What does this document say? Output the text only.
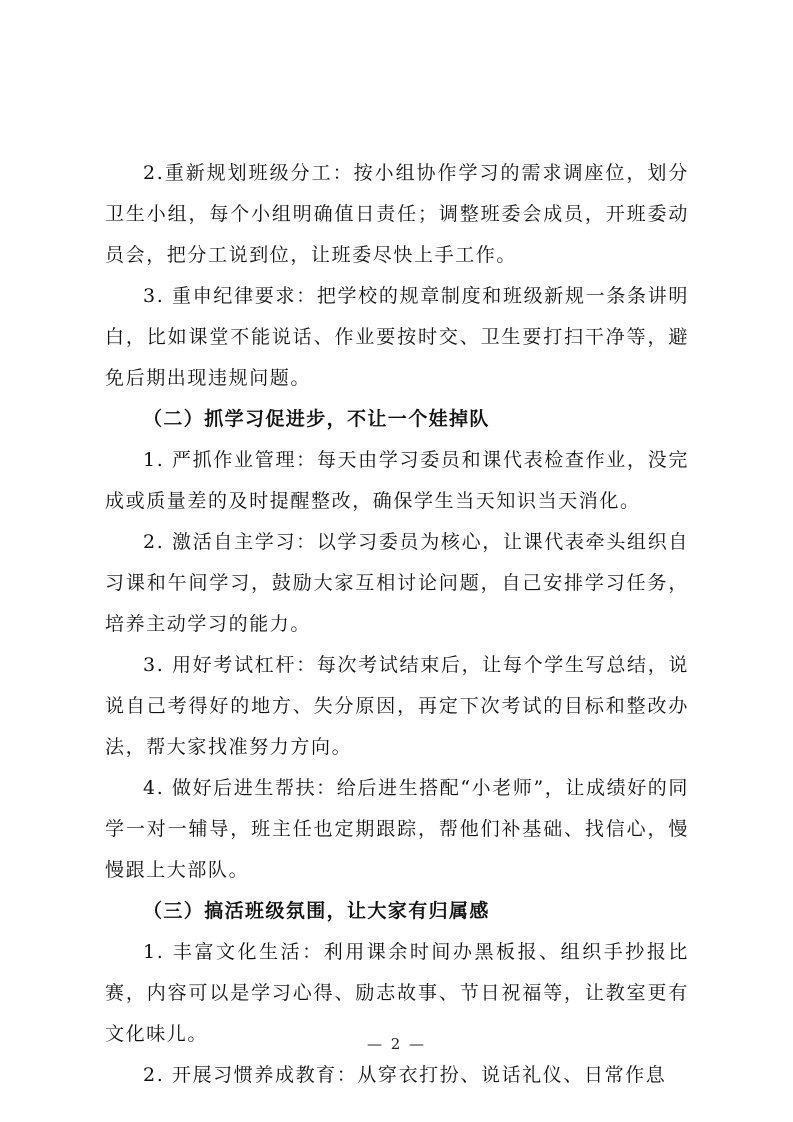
2.重新规划班级分工：按小组协作学习的需求调座位，划分卫生小组，每个小组明确值日责任；调整班委会成员，开班委动员会，把分工说到位，让班委尽快上手工作。

3. 重申纪律要求：把学校的规章制度和班级新规一条条讲明白，比如课堂不能说话、作业要按时交、卫生要打扫干净等，避免后期出现违规问题。

（二）抓学习促进步，不让一个娃掉队

1. 严抓作业管理：每天由学习委员和课代表检查作业，没完成或质量差的及时提醒整改，确保学生当天知识当天消化。

2. 激活自主学习：以学习委员为核心，让课代表牵头组织自习课和午间学习，鼓励大家互相讨论问题，自己安排学习任务，培养主动学习的能力。

3. 用好考试杠杆：每次考试结束后，让每个学生写总结，说说自己考得好的地方、失分原因，再定下次考试的目标和整改办法，帮大家找准努力方向。

4. 做好后进生帮扶：给后进生搭配“小老师”，让成绩好的同学一对一辅导，班主任也定期跟踪，帮他们补基础、找信心，慢慢跟上大部队。

（三）搞活班级氛围，让大家有归属感

1. 丰富文化生活：利用课余时间办黑板报、组织手抄报比赛，内容可以是学习心得、励志故事、节日祝福等，让教室更有文化味儿。

2. 开展习惯养成教育：从穿衣打扮、说话礼仪、日常作息

— 2 —
